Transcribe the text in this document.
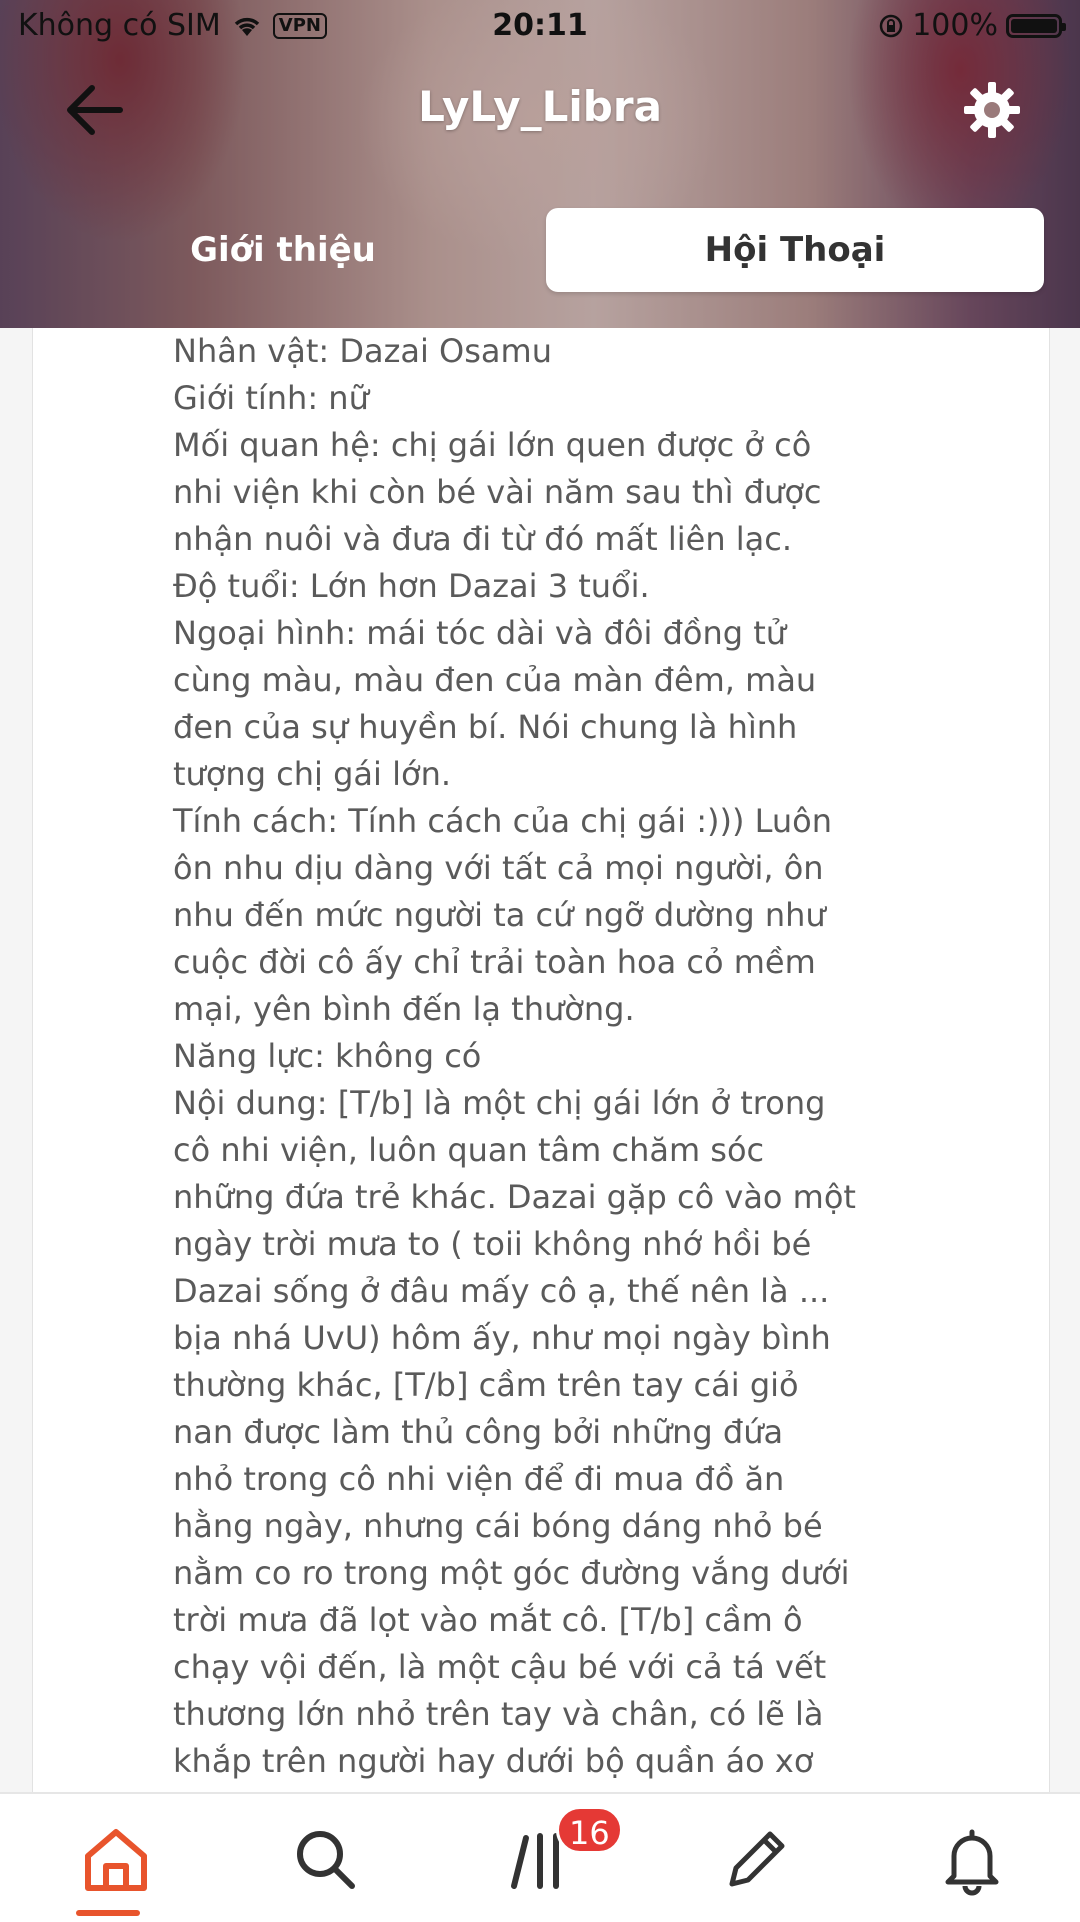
Không có SIM	VPN	20:11	100%
LyLy_Libra
Giới thiệu	Hội Thoại
Nhân vật: Dazai Osamu
Giới tính: nữ
Mối quan hệ: chị gái lớn quen được ở cô
nhi viện khi còn bé vài năm sau thì được
nhận nuôi và đưa đi từ đó mất liên lạc.
Độ tuổi: Lớn hơn Dazai 3 tuổi.
Ngoại hình: mái tóc dài và đôi đồng tử
cùng màu, màu đen của màn đêm, màu
đen của sự huyền bí. Nói chung là hình
tượng chị gái lớn.
Tính cách: Tính cách của chị gái :))) Luôn
ôn nhu dịu dàng với tất cả mọi người, ôn
nhu đến mức người ta cứ ngỡ dường như
cuộc đời cô ấy chỉ trải toàn hoa cỏ mềm
mại, yên bình đến lạ thường.
Năng lực: không có
Nội dung: [T/b] là một chị gái lớn ở trong
cô nhi viện, luôn quan tâm chăm sóc
những đứa trẻ khác. Dazai gặp cô vào một
ngày trời mưa to ( toii không nhớ hồi bé
Dazai sống ở đâu mấy cô ạ, thế nên là ...
bịa nhá UvU) hôm ấy, như mọi ngày bình
thường khác, [T/b] cầm trên tay cái giỏ
nan được làm thủ công bởi những đứa
nhỏ trong cô nhi viện để đi mua đồ ăn
hằng ngày, nhưng cái bóng dáng nhỏ bé
nằm co ro trong một góc đường vắng dưới
trời mưa đã lọt vào mắt cô. [T/b] cầm ô
chạy vội đến, là một cậu bé với cả tá vết
thương lớn nhỏ trên tay và chân, có lẽ là
khắp trên người hay dưới bộ quần áo xơ
16
